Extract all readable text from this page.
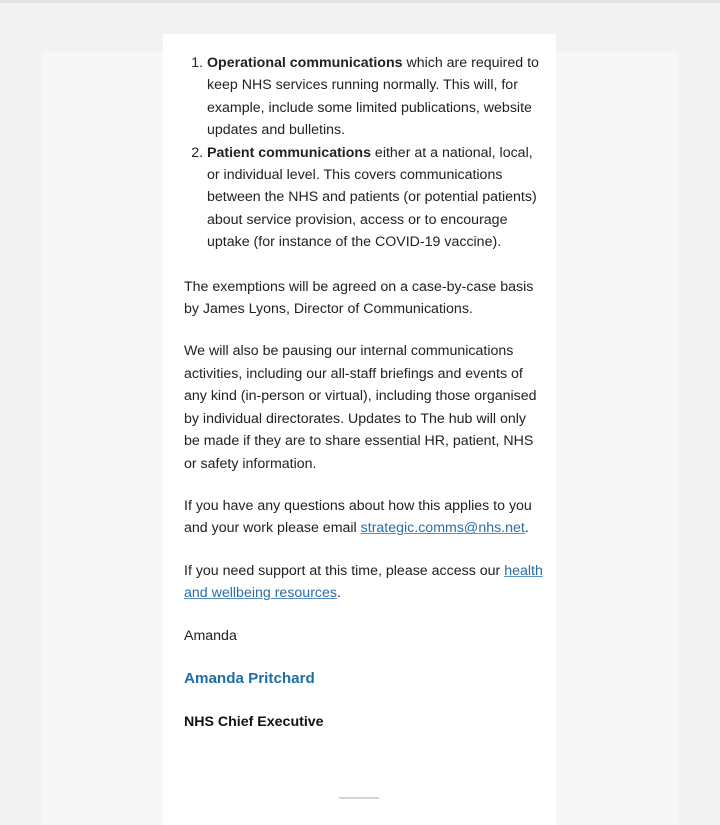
1. Operational communications which are required to keep NHS services running normally. This will, for example, include some limited publications, website updates and bulletins.
2. Patient communications either at a national, local, or individual level. This covers communications between the NHS and patients (or potential patients) about service provision, access or to encourage uptake (for instance of the COVID-19 vaccine).

The exemptions will be agreed on a case-by-case basis by James Lyons, Director of Communications.

We will also be pausing our internal communications activities, including our all-staff briefings and events of any kind (in-person or virtual), including those organised by individual directorates. Updates to The hub will only be made if they are to share essential HR, patient, NHS or safety information.

If you have any questions about how this applies to you and your work please email strategic.comms@nhs.net.

If you need support at this time, please access our health and wellbeing resources.

Amanda

Amanda Pritchard

NHS Chief Executive
